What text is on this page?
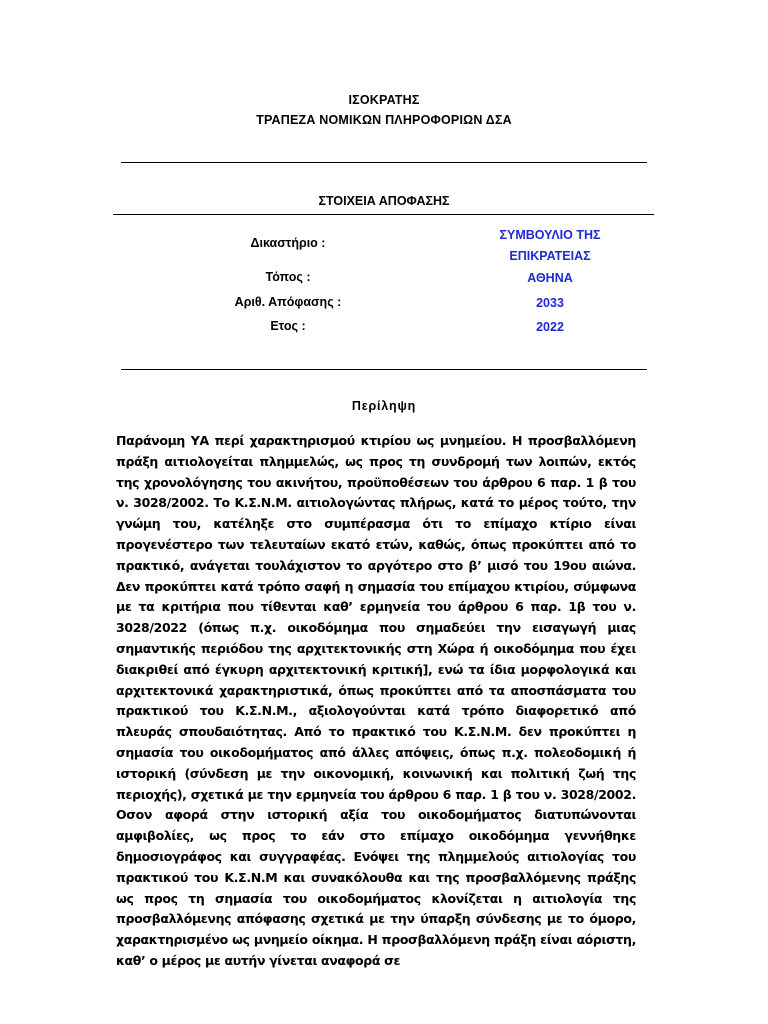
ΙΣΟΚΡΑΤΗΣ
ΤΡΑΠΕΖΑ ΝΟΜΙΚΩΝ ΠΛΗΡΟΦΟΡΙΩΝ ΔΣΑ
ΣΤΟΙΧΕΙΑ ΑΠΟΦΑΣΗΣ
Δικαστήριο :
ΣΥΜΒΟΥΛΙΟ ΤΗΣ
ΕΠΙΚΡΑΤΕΙΑΣ
Τόπος :	ΑΘΗΝΑ
Αριθ. Απόφασης :	2033
Ετος :	2022
Περίληψη
Παράνομη ΥΑ περί χαρακτηρισμού κτιρίου ως μνημείου. Η προσβαλλόμενη πράξη αιτιολογείται πλημμελώς, ως προς τη συνδρομή των λοιπών, εκτός της χρονολόγησης του ακινήτου, προϋποθέσεων του άρθρου 6 παρ. 1 β του ν. 3028/2002. Το Κ.Σ.Ν.Μ. αιτιολογώντας πλήρως, κατά το μέρος τούτο, την γνώμη του, κατέληξε στο συμπέρασμα ότι το επίμαχο κτίριο είναι προγενέστερο των τελευταίων εκατό ετών, καθώς, όπως προκύπτει από το πρακτικό, ανάγεται τουλάχιστον το αργότερο στο β’ μισό του 19ου αιώνα. Δεν προκύπτει κατά τρόπο σαφή η σημασία του επίμαχου κτιρίου, σύμφωνα με τα κριτήρια που τίθενται καθ’ ερμηνεία του άρθρου 6 παρ. 1β του ν. 3028/2022 (όπως π.χ. οικοδόμημα που σημαδεύει την εισαγωγή μιας σημαντικής περιόδου της αρχιτεκτονικής στη Χώρα ή οικοδόμημα που έχει διακριθεί από έγκυρη αρχιτεκτονική κριτική], ενώ τα ίδια μορφολογικά και αρχιτεκτονικά χαρακτηριστικά, όπως προκύπτει από τα αποσπάσματα του πρακτικού του Κ.Σ.Ν.Μ., αξιολογούνται κατά τρόπο διαφορετικό από πλευράς σπουδαιότητας. Από το πρακτικό του Κ.Σ.Ν.Μ. δεν προκύπτει η σημασία του οικοδομήματος από άλλες απόψεις, όπως π.χ. πολεοδομική ή ιστορική (σύνδεση με την οικονομική, κοινωνική και πολιτική ζωή της περιοχής), σχετικά με την ερμηνεία του άρθρου 6 παρ. 1 β του ν. 3028/2002. Οσον αφορά στην ιστορική αξία του οικοδομήματος διατυπώνονται αμφιβολίες, ως προς το εάν στο επίμαχο οικοδόμημα γεννήθηκε δημοσιογράφος και συγγραφέας. Ενόψει της πλημμελούς αιτιολογίας του πρακτικού του Κ.Σ.Ν.Μ και συνακόλουθα και της προσβαλλόμενης πράξης ως προς τη σημασία του οικοδομήματος κλονίζεται η αιτιολογία της προσβαλλόμενης απόφασης σχετικά με την ύπαρξη σύνδεσης με το όμορο, χαρακτηρισμένο ως μνημείο οίκημα. Η προσβαλλόμενη πράξη είναι αόριστη, καθ’ ο μέρος με αυτήν γίνεται αναφορά σε
